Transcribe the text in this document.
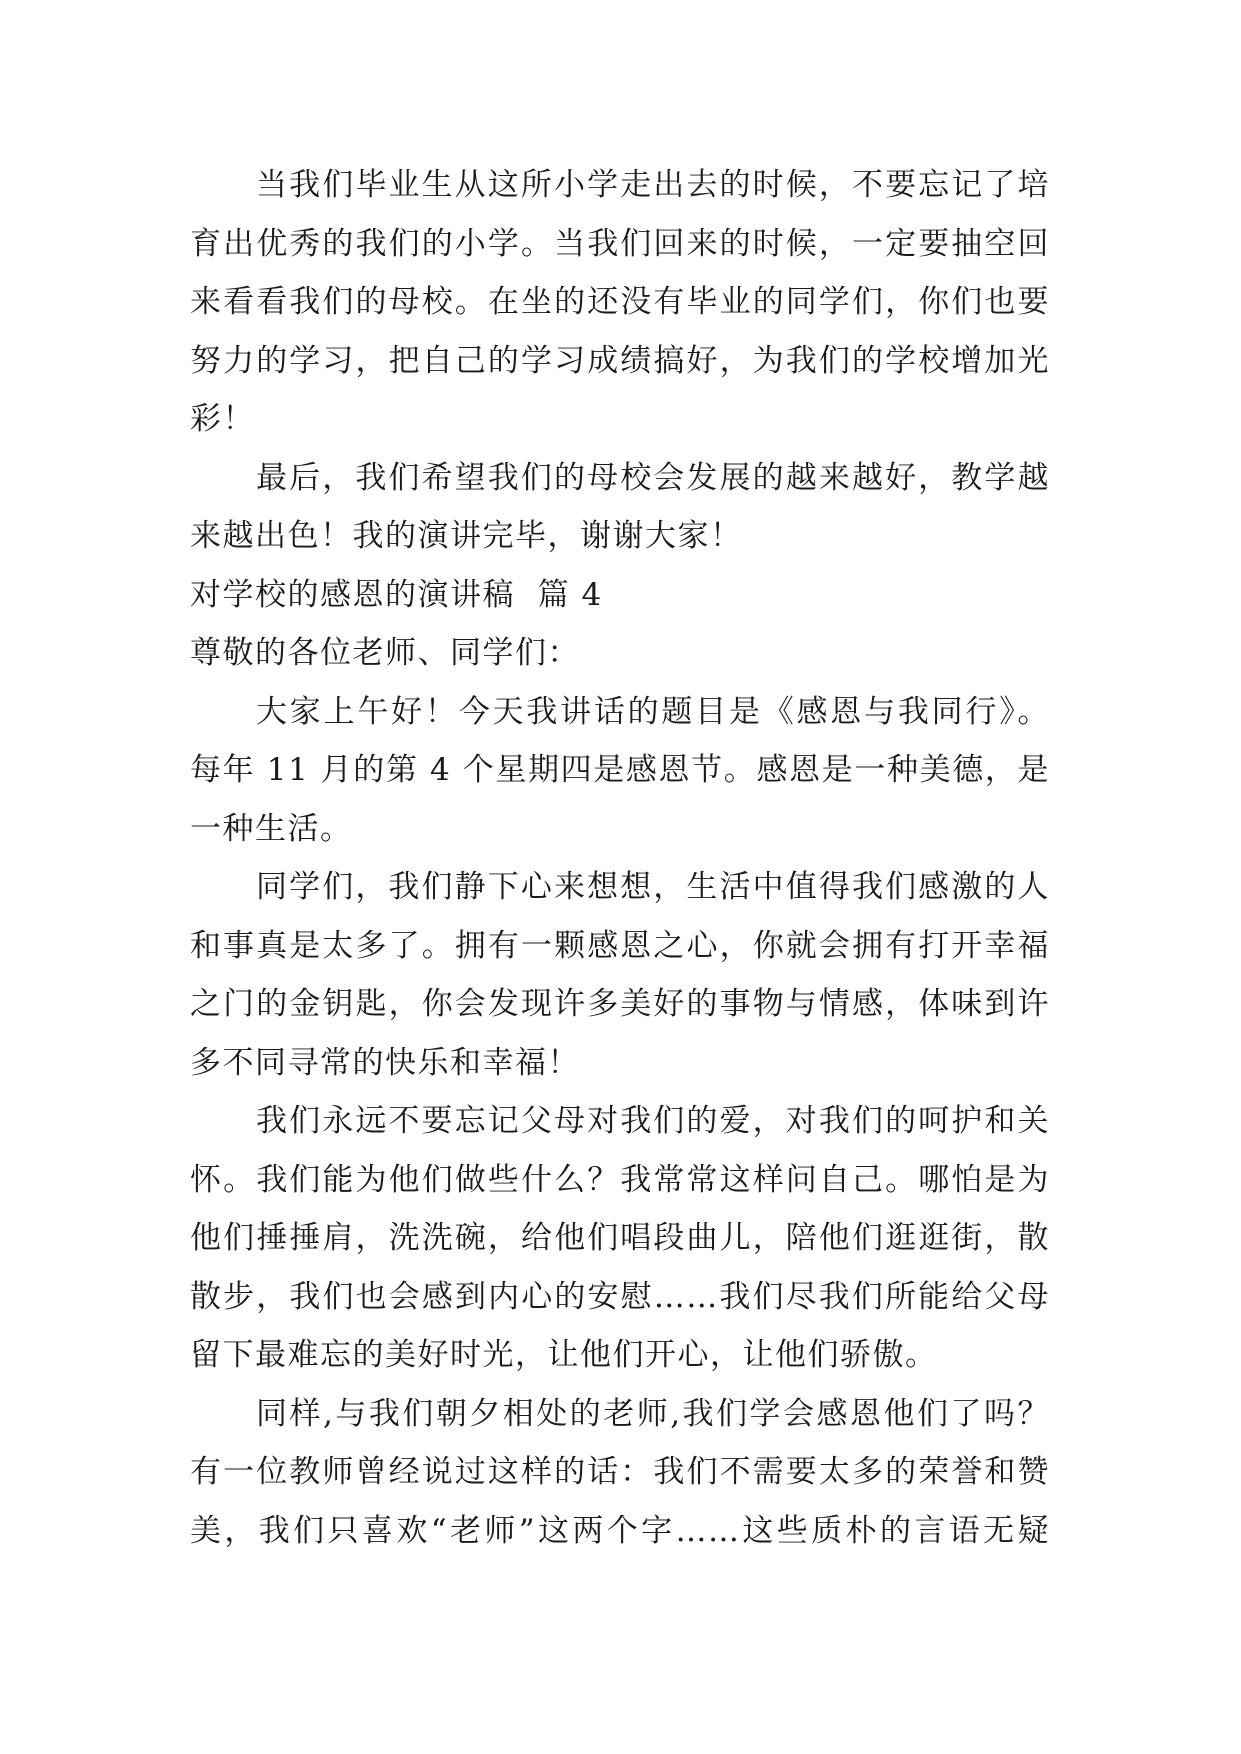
当我们毕业生从这所小学走出去的时候，不要忘记了培
育出优秀的我们的小学。当我们回来的时候，一定要抽空回
来看看我们的母校。在坐的还没有毕业的同学们，你们也要
努力的学习，把自己的学习成绩搞好，为我们的学校增加光
彩！

最后，我们希望我们的母校会发展的越来越好，教学越
来越出色！我的演讲完毕，谢谢大家！

对学校的感恩的演讲稿  篇 4

尊敬的各位老师、同学们：

大家上午好！今天我讲话的题目是《感恩与我同行》。
每年 11 月的第 4 个星期四是感恩节。感恩是一种美德，是
一种生活。

同学们，我们静下心来想想，生活中值得我们感激的人
和事真是太多了。拥有一颗感恩之心，你就会拥有打开幸福
之门的金钥匙，你会发现许多美好的事物与情感，体味到许
多不同寻常的快乐和幸福！

我们永远不要忘记父母对我们的爱，对我们的呵护和关
怀。我们能为他们做些什么？我常常这样问自己。哪怕是为
他们捶捶肩，洗洗碗，给他们唱段曲儿，陪他们逛逛街，散
散步，我们也会感到内心的安慰……我们尽我们所能给父母
留下最难忘的美好时光，让他们开心，让他们骄傲。

同样,与我们朝夕相处的老师,我们学会感恩他们了吗？
有一位教师曾经说过这样的话：我们不需要太多的荣誉和赞
美，我们只喜欢“老师”这两个字……这些质朴的言语无疑
